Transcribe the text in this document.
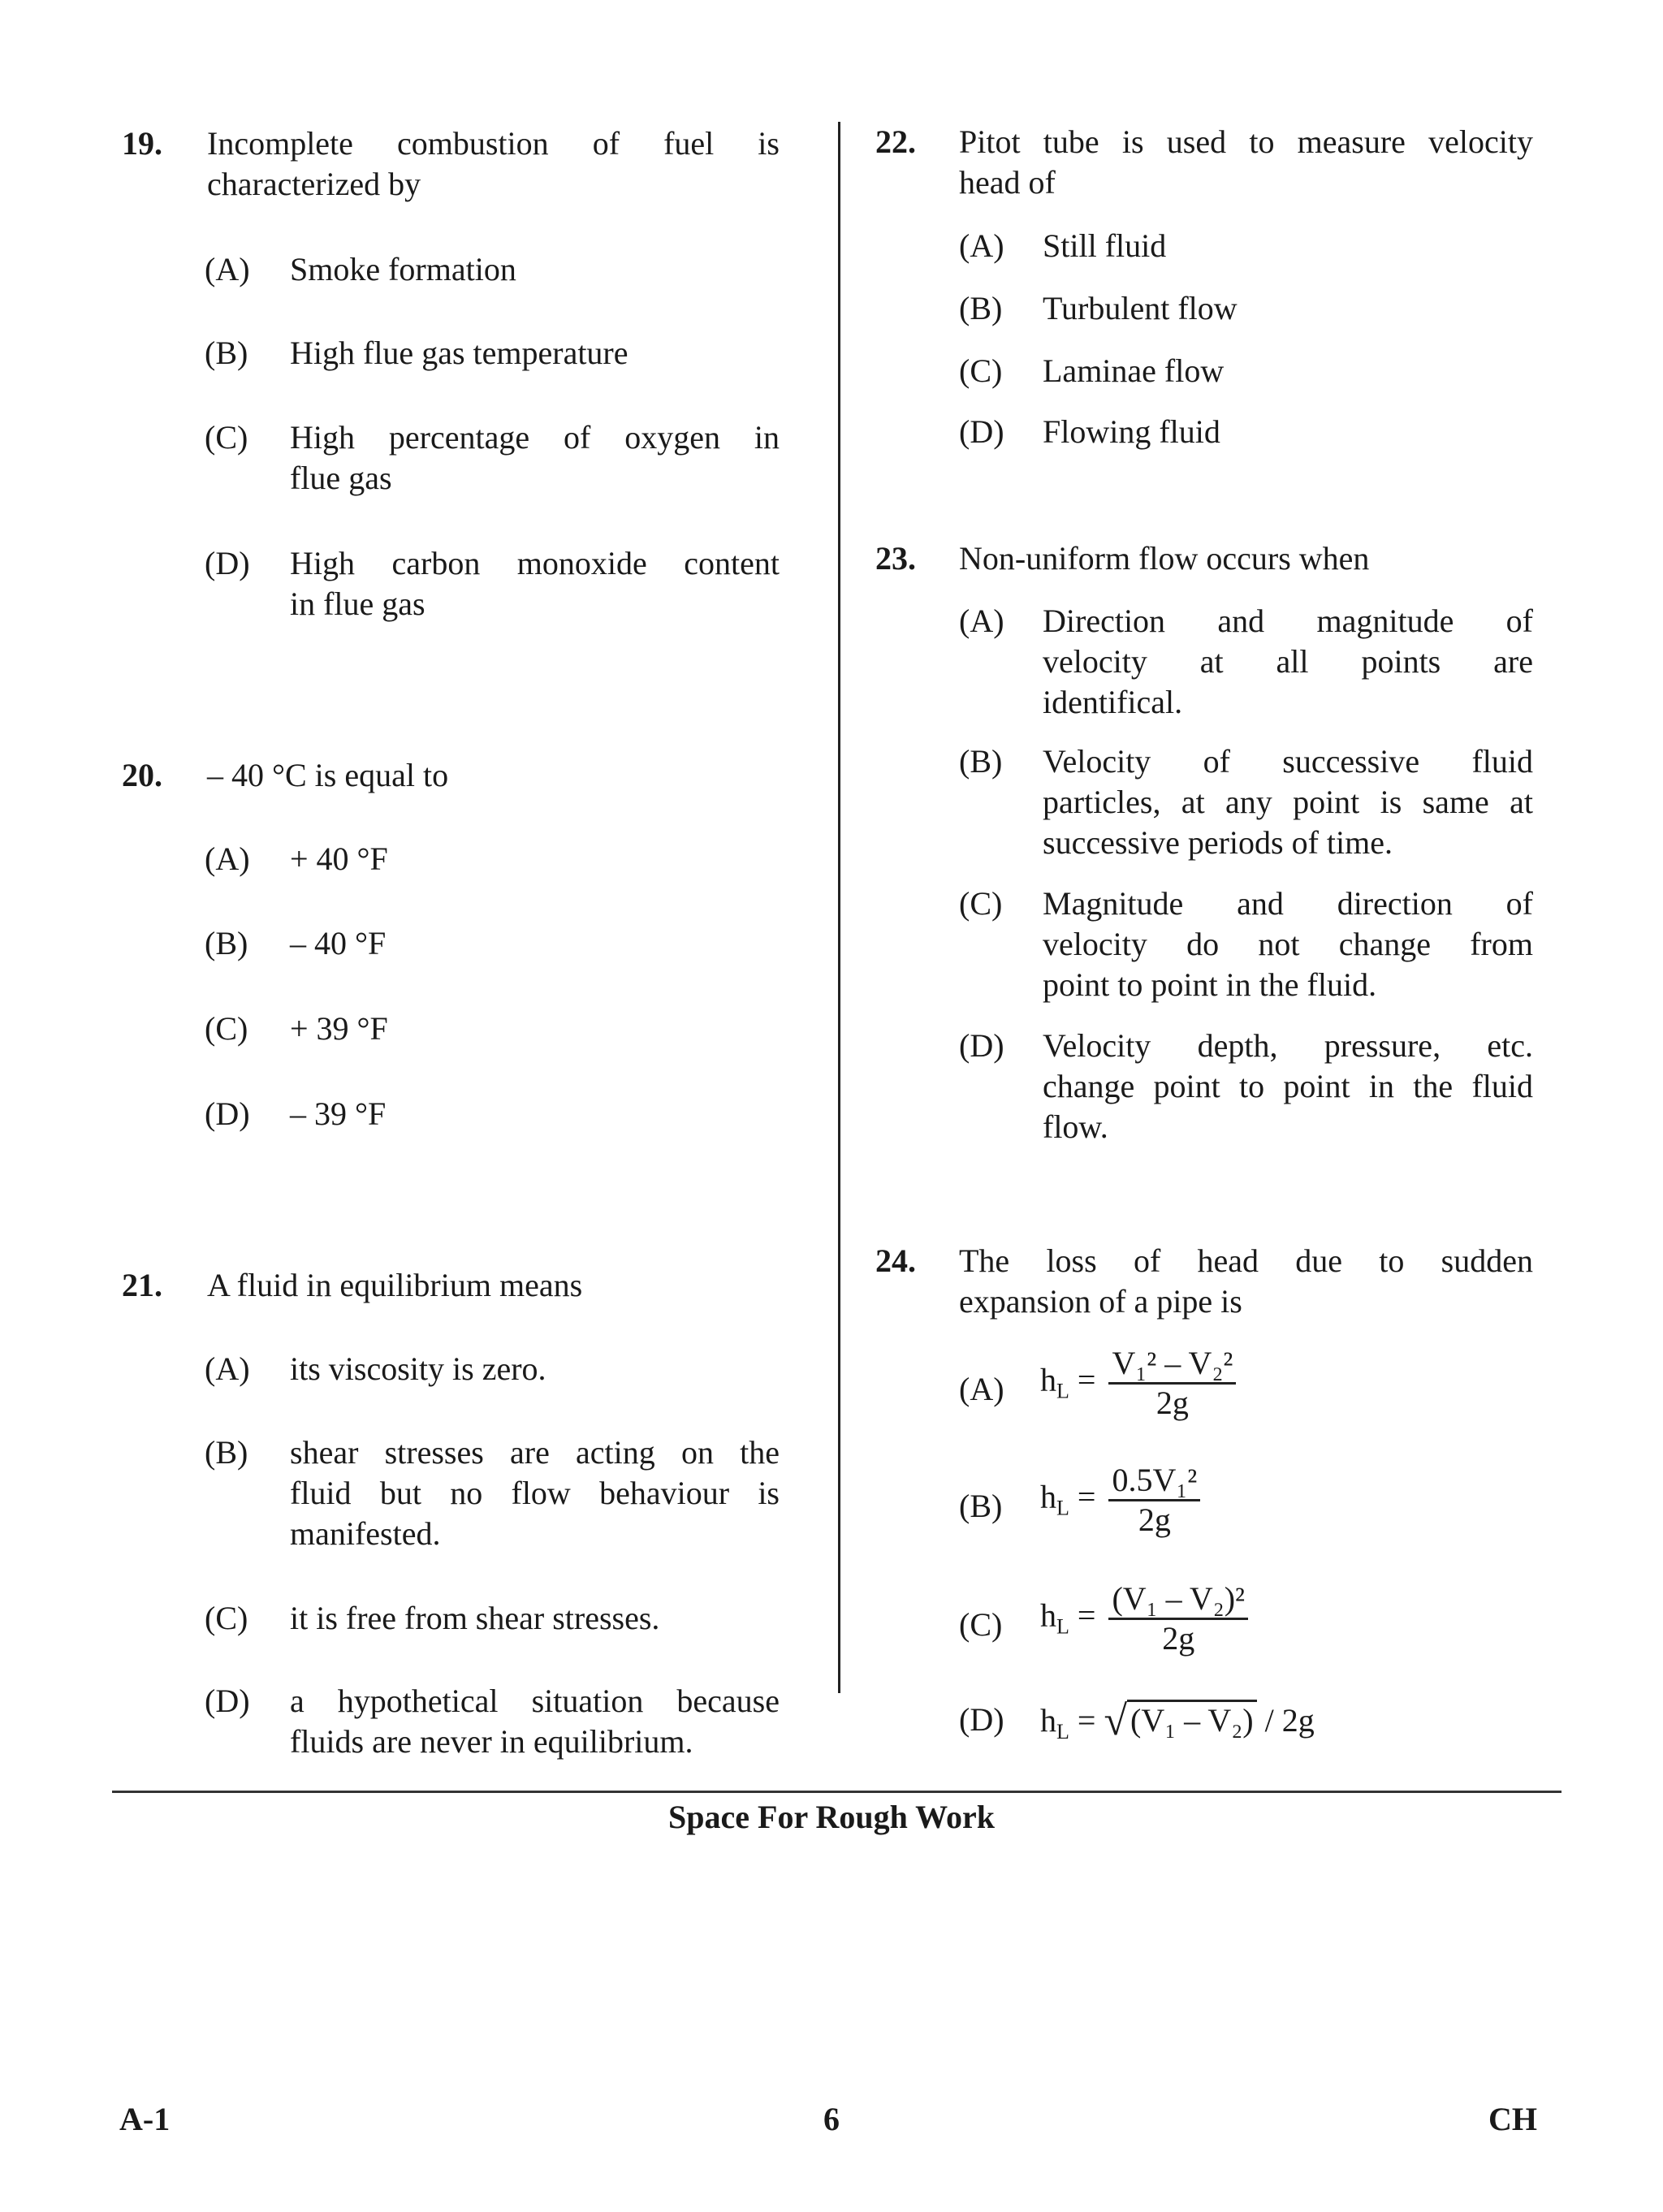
19. Incomplete combustion of fuel is
characterized by
(A) Smoke formation
(B) High flue gas temperature
(C) High percentage of oxygen in
flue gas
(D) High carbon monoxide content
in flue gas
20. – 40 °C is equal to
(A) + 40 °F
(B) – 40 °F
(C) + 39 °F
(D) – 39 °F
21. A fluid in equilibrium means
(A) its viscosity is zero.
(B) shear stresses are acting on the
fluid but no flow behaviour is
manifested.
(C) it is free from shear stresses.
(D) a hypothetical situation because
fluids are never in equilibrium.
22. Pitot tube is used to measure velocity
head of
(A) Still fluid
(B) Turbulent flow
(C) Laminae flow
(D) Flowing fluid
23. Non-uniform flow occurs when
(A) Direction and magnitude of
velocity at all points are
identifical.
(B) Velocity of successive fluid
particles, at any point is same at
successive periods of time.
(C) Magnitude and direction of
velocity do not change from
point to point in the fluid.
(D) Velocity depth, pressure, etc.
change point to point in the fluid
flow.
24. The loss of head due to sudden
expansion of a pipe is
(A) $h_L = \frac{\text{V₁² – V₂²}}{2g}$
(B) $h_L = \frac{\text{0.5V₁²}}{2g}$
(C) $h_L = \frac{\text{(V₁ – V₂)²}}{2g}$
(D) $h_L$ = √ (V₁ – V₂) / 2g
Space For Rough Work
A-1	6	CH
